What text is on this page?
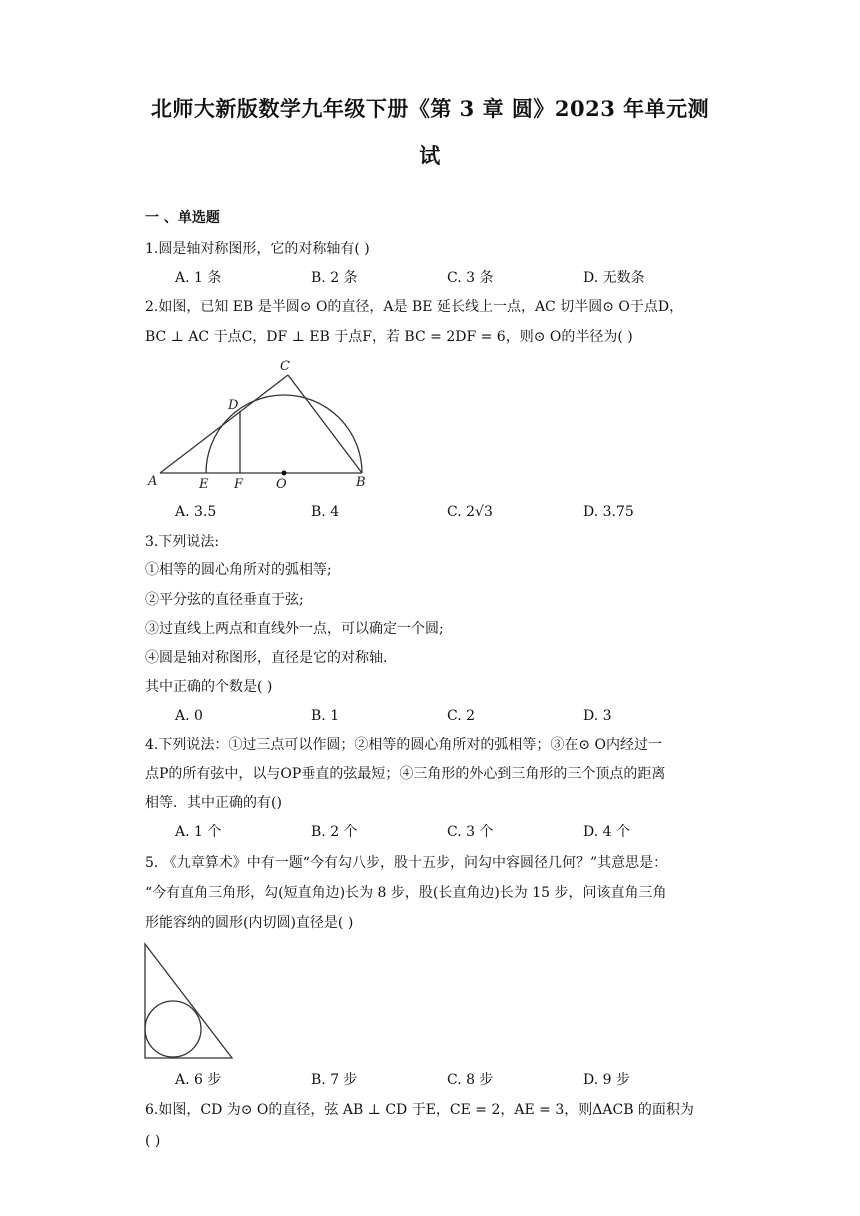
北师大新版数学九年级下册《第 3 章 圆》2023 年单元测
试
一 、单选题
1.圆是轴对称图形，它的对称轴有( )
A. 1 条	B. 2 条	C. 3 条	D. 无数条
2.如图，已知 EB 是半圆⊙ O的直径，A是 BE 延长线上一点，AC 切半圆⊙ O于点D，
BC ⊥ AC 于点C，DF ⊥ EB 于点F，若 BC = 2DF = 6，则⊙ O的半径为( )
A	E F	O	B
C
D
A. 3.5	B. 4	C. 2√3	D. 3.75
3.下列说法:
①相等的圆心角所对的弧相等;
②平分弦的直径垂直于弦;
③过直线上两点和直线外一点，可以确定一个圆;
④圆是轴对称图形，直径是它的对称轴.
其中正确的个数是( )
A. 0	B. 1	C. 2	D. 3
4.下列说法：①过三点可以作圆；②相等的圆心角所对的弧相等；③在⊙ O内经过一
点P的所有弦中，以与OP垂直的弦最短；④三角形的外心到三角形的三个顶点的距离
相等．其中正确的有()
A. 1 个	B. 2 个	C. 3 个	D. 4 个
5. 《九章算术》中有一题“今有勾八步，股十五步，问勾中容圆径几何？”其意思是：
“今有直角三角形，勾(短直角边)长为 8 步，股(长直角边)长为 15 步，问该直角三角
形能容纳的圆形(内切圆)直径是( )
A. 6 步	B. 7 步	C. 8 步	D. 9 步
6.如图，CD 为⊙ O的直径，弦 AB ⊥ CD 于E，CE = 2，AE = 3，则ΔACB 的面积为
( )
